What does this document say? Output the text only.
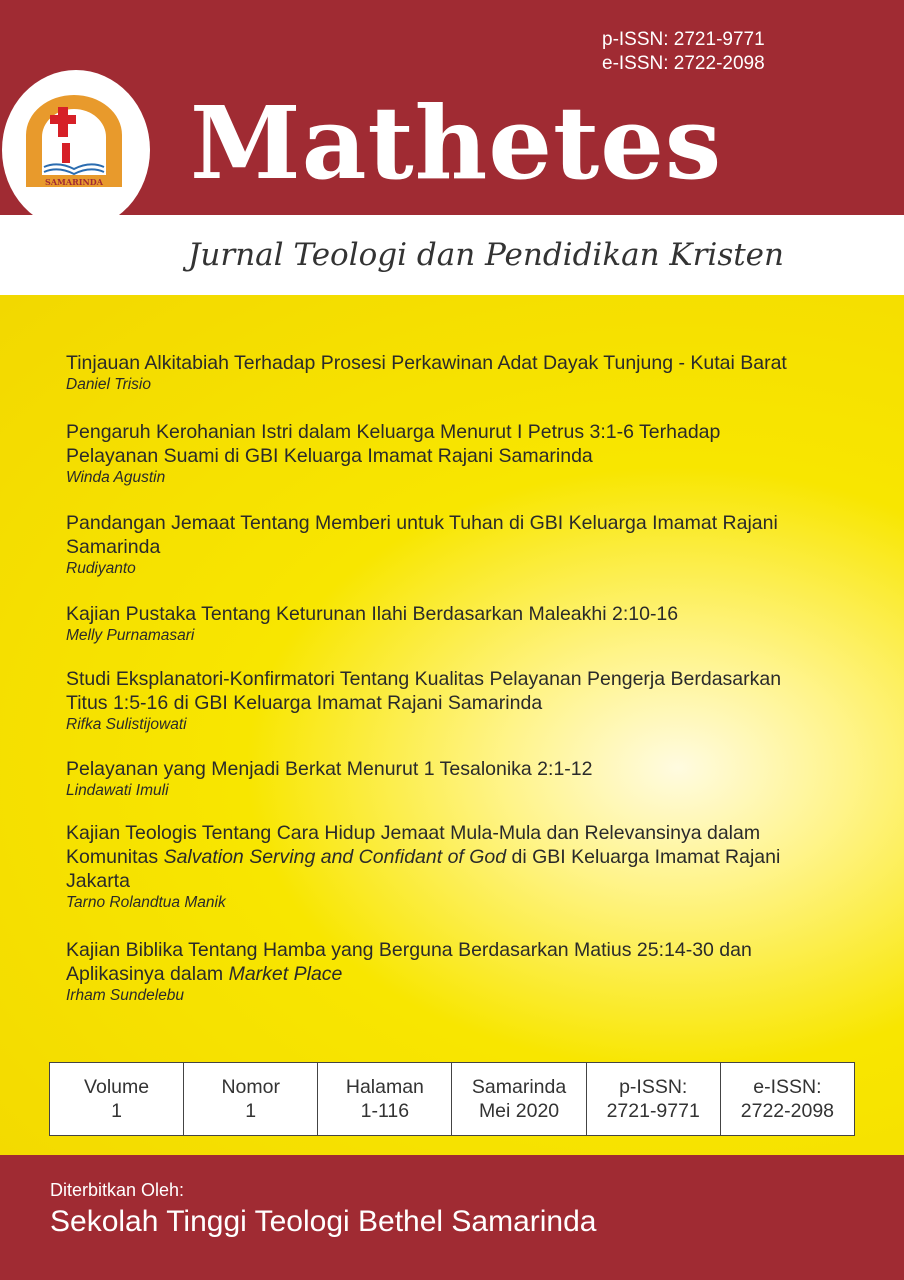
p-ISSN: 2721-9771
e-ISSN: 2722-2098
Mathetes
Jurnal Teologi dan Pendidikan Kristen
SAMARINDA
Tinjauan Alkitabiah Terhadap Prosesi Perkawinan Adat Dayak Tunjung - Kutai Barat
Daniel Trisio
Pengaruh Kerohanian Istri dalam Keluarga Menurut I Petrus 3:1-6 Terhadap
Pelayanan Suami di GBI Keluarga Imamat Rajani Samarinda
Winda Agustin
Pandangan Jemaat Tentang Memberi untuk Tuhan di GBI Keluarga Imamat Rajani
Samarinda
Rudiyanto
Kajian Pustaka Tentang Keturunan Ilahi Berdasarkan Maleakhi 2:10-16
Melly Purnamasari
Studi Eksplanatori-Konfirmatori Tentang Kualitas Pelayanan Pengerja Berdasarkan
Titus 1:5-16 di GBI Keluarga Imamat Rajani Samarinda
Rifka Sulistijowati
Pelayanan yang Menjadi Berkat Menurut 1 Tesalonika 2:1-12
Lindawati Imuli
Kajian Teologis Tentang Cara Hidup Jemaat Mula-Mula dan Relevansinya dalam
Komunitas Salvation Serving and Confidant of God di GBI Keluarga Imamat Rajani
Jakarta
Tarno Rolandtua Manik
Kajian Biblika Tentang Hamba yang Berguna Berdasarkan Matius 25:14-30 dan
Aplikasinya dalam Market Place
Irham Sundelebu
Volume
1

Nomor
1

Halaman
1-116

Samarinda
Mei 2020

p-ISSN:
2721-9771

e-ISSN:
2722-2098
Diterbitkan Oleh:
Sekolah Tinggi Teologi Bethel Samarinda
